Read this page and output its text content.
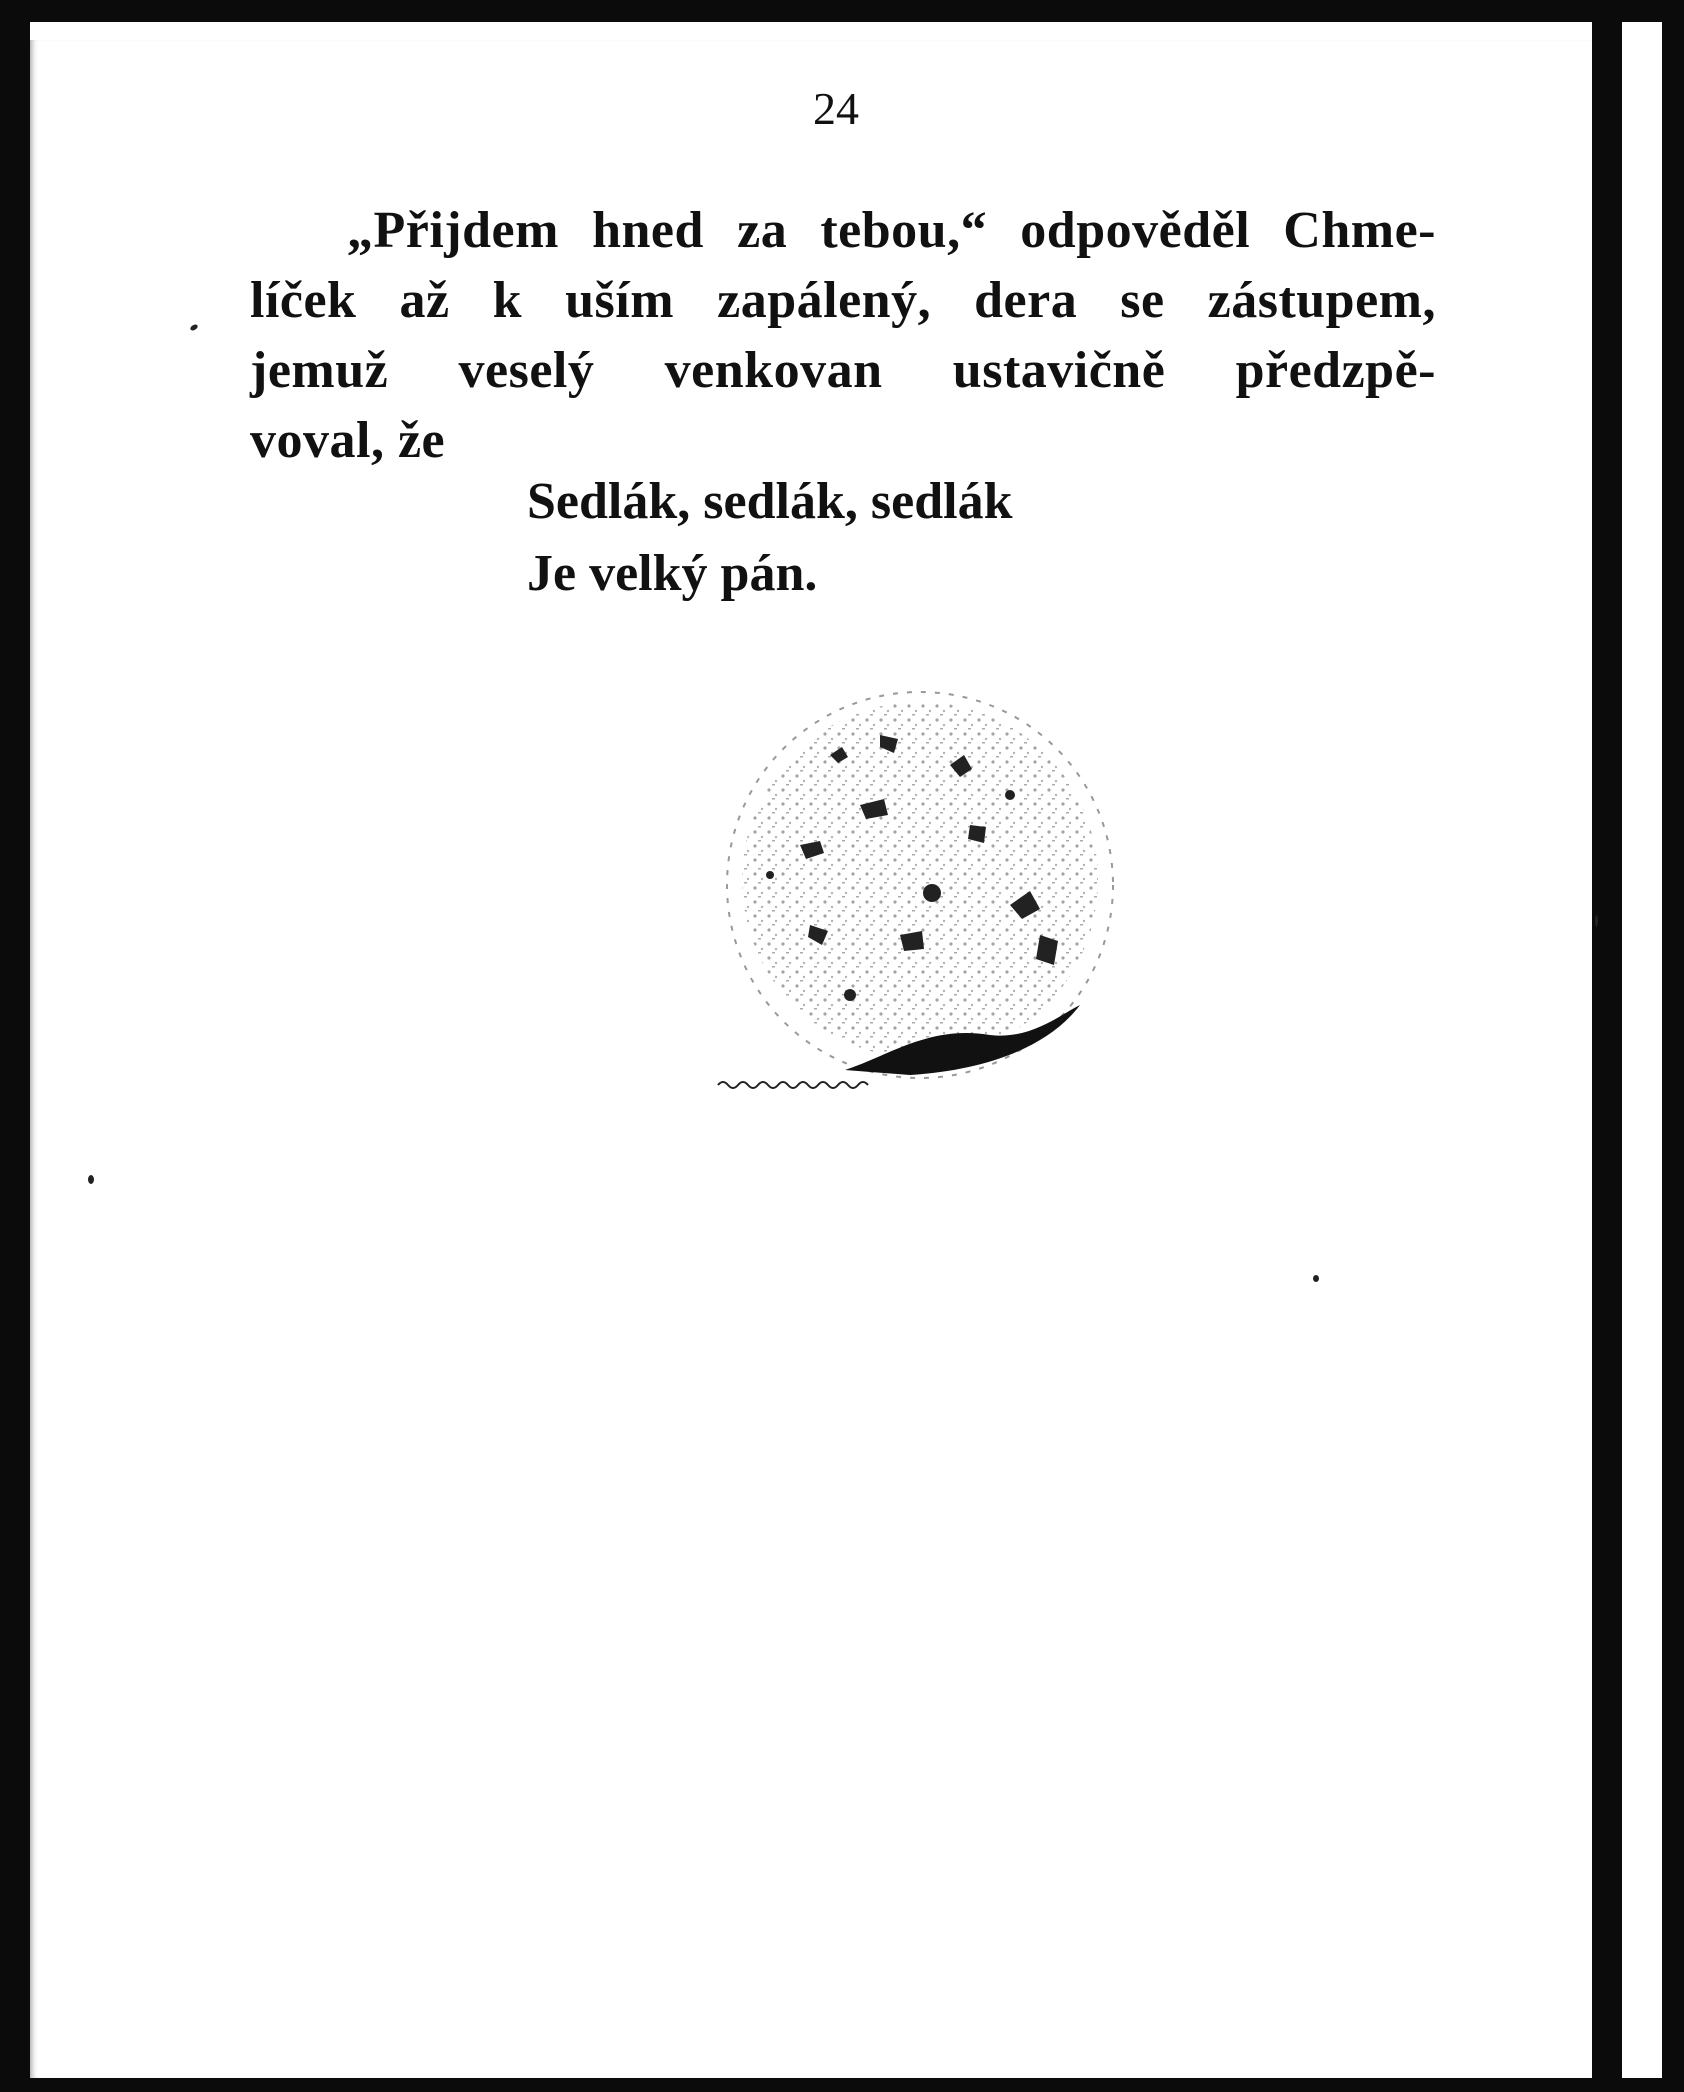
24
„Přijdem hned za tebou,“ odpověděl Chme-
líček až k uším zapálený, dera se zástupem,
jemuž veselý venkovan ustavičně předzpě-
voval, že
Sedlák, sedlák, sedlák
Je velký pán.
